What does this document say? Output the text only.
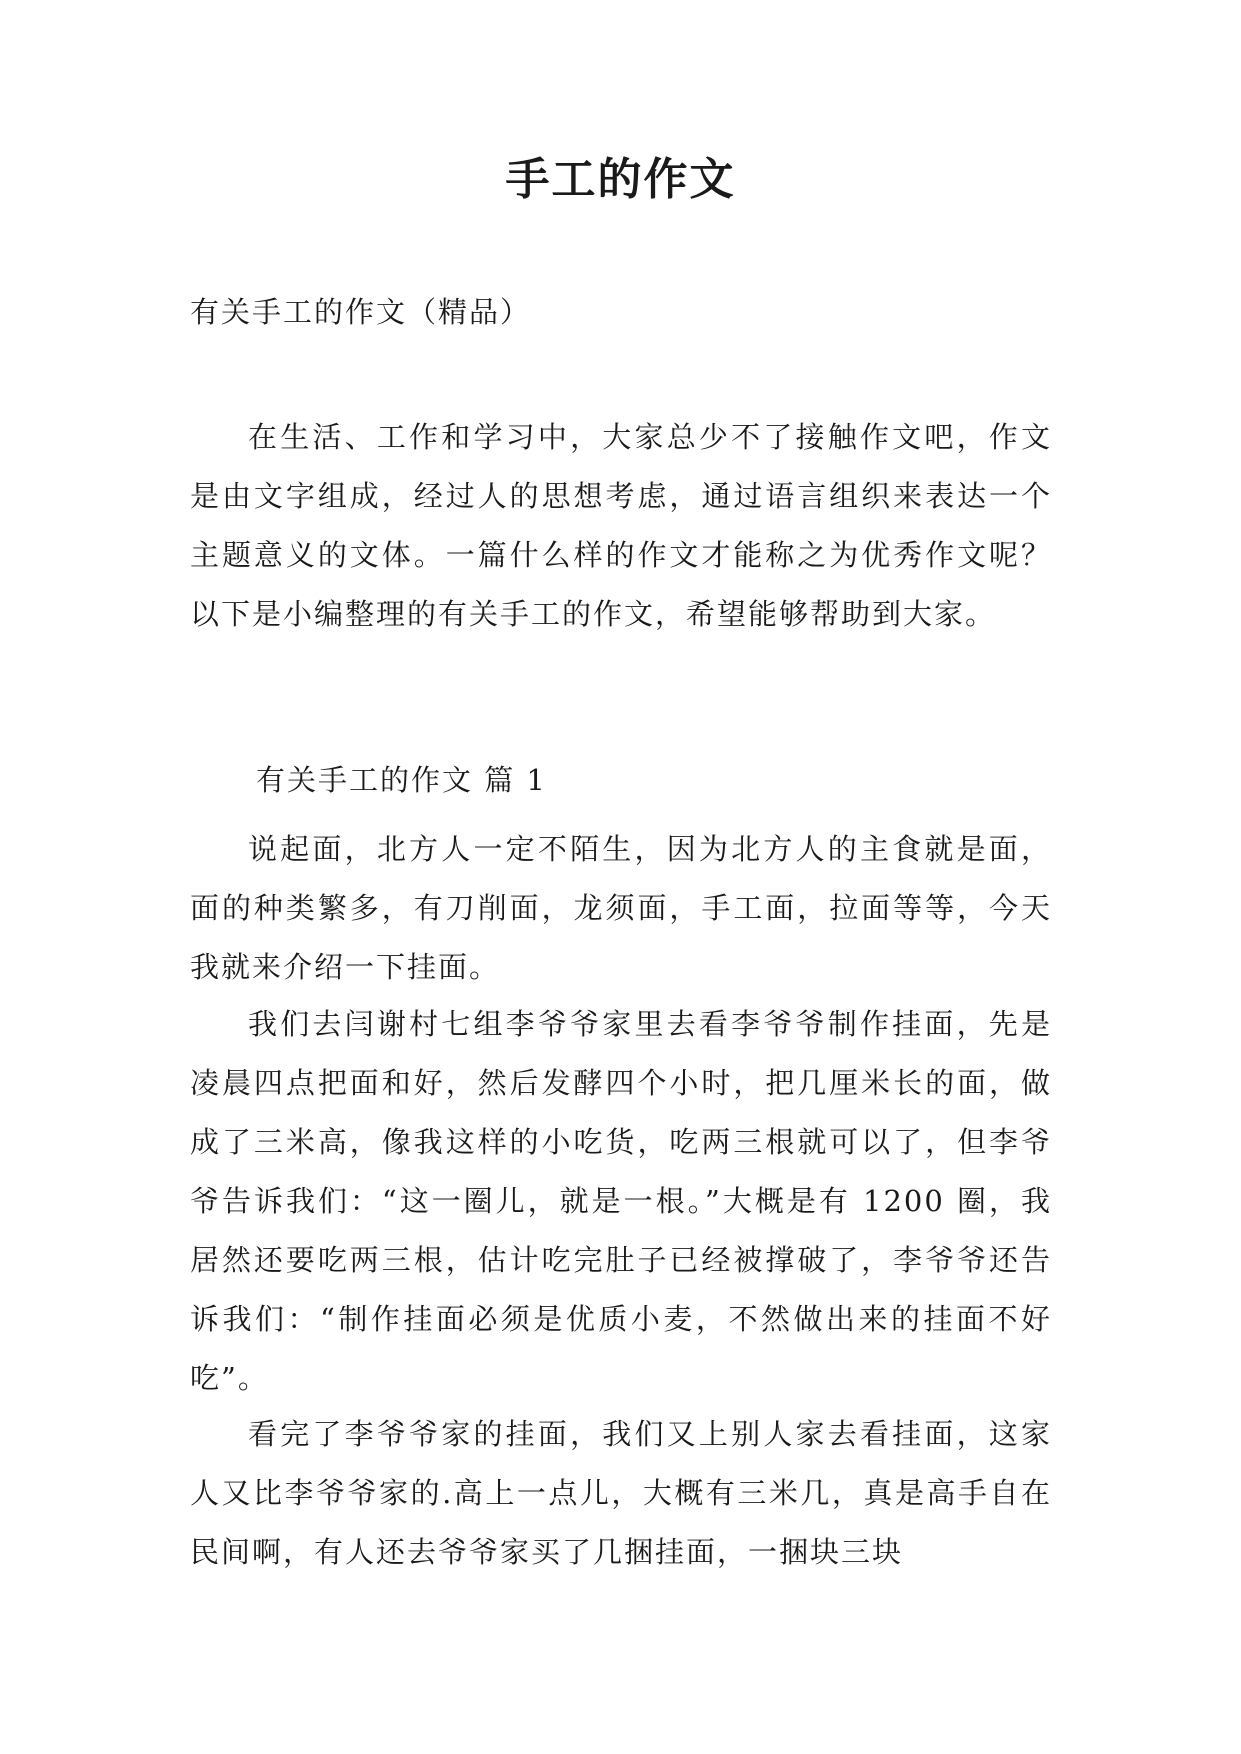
手工的作文

有关手工的作文（精品）

在生活、工作和学习中，大家总少不了接触作文吧，作文是由文字组成，经过人的思想考虑，通过语言组织来表达一个主题意义的文体。一篇什么样的作文才能称之为优秀作文呢？以下是小编整理的有关手工的作文，希望能够帮助到大家。

有关手工的作文 篇 1

说起面，北方人一定不陌生，因为北方人的主食就是面，面的种类繁多，有刀削面，龙须面，手工面，拉面等等，今天我就来介绍一下挂面。

我们去闫谢村七组李爷爷家里去看李爷爷制作挂面，先是凌晨四点把面和好，然后发酵四个小时，把几厘米长的面，做成了三米高，像我这样的小吃货，吃两三根就可以了，但李爷爷告诉我们：“这一圈儿，就是一根。”大概是有 1200 圈，我居然还要吃两三根，估计吃完肚子已经被撑破了，李爷爷还告诉我们：“制作挂面必须是优质小麦，不然做出来的挂面不好吃”。

看完了李爷爷家的挂面，我们又上别人家去看挂面，这家人又比李爷爷家的.高上一点儿，大概有三米几，真是高手自在民间啊，有人还去爷爷家买了几捆挂面，一捆块三块
